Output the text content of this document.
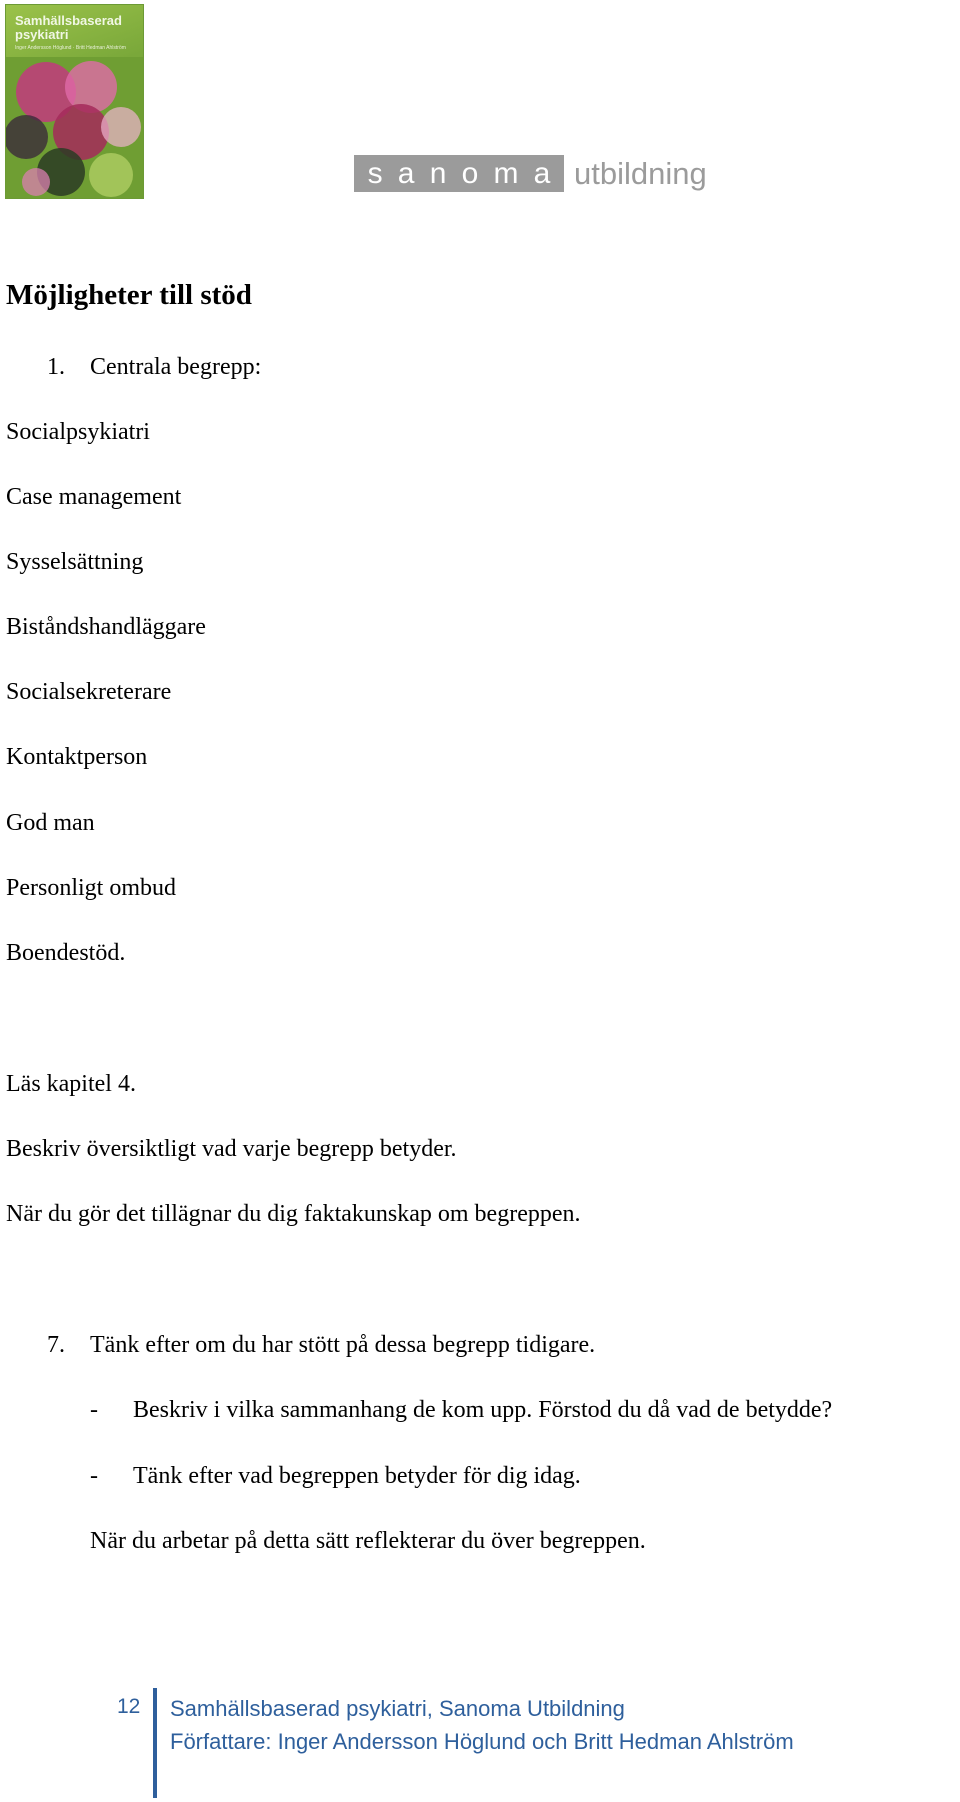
Samhällsbaserad psykiatri
Inger Andersson Höglund · Britt Hedman Ahlström
s a n o m a utbildning
Möjligheter till stöd
1. Centrala begrepp:
Socialpsykiatri
Case management
Sysselsättning
Biståndshandläggare
Socialsekreterare
Kontaktperson
God man
Personligt ombud
Boendestöd.
Läs kapitel 4.
Beskriv översiktligt vad varje begrepp betyder.
När du gör det tillägnar du dig faktakunskap om begreppen.
7. Tänk efter om du har stött på dessa begrepp tidigare.
- Beskriv i vilka sammanhang de kom upp. Förstod du då vad de betydde?
- Tänk efter vad begreppen betyder för dig idag.
När du arbetar på detta sätt reflekterar du över begreppen.
12 Samhällsbaserad psykiatri, Sanoma Utbildning
Författare: Inger Andersson Höglund och Britt Hedman Ahlström
